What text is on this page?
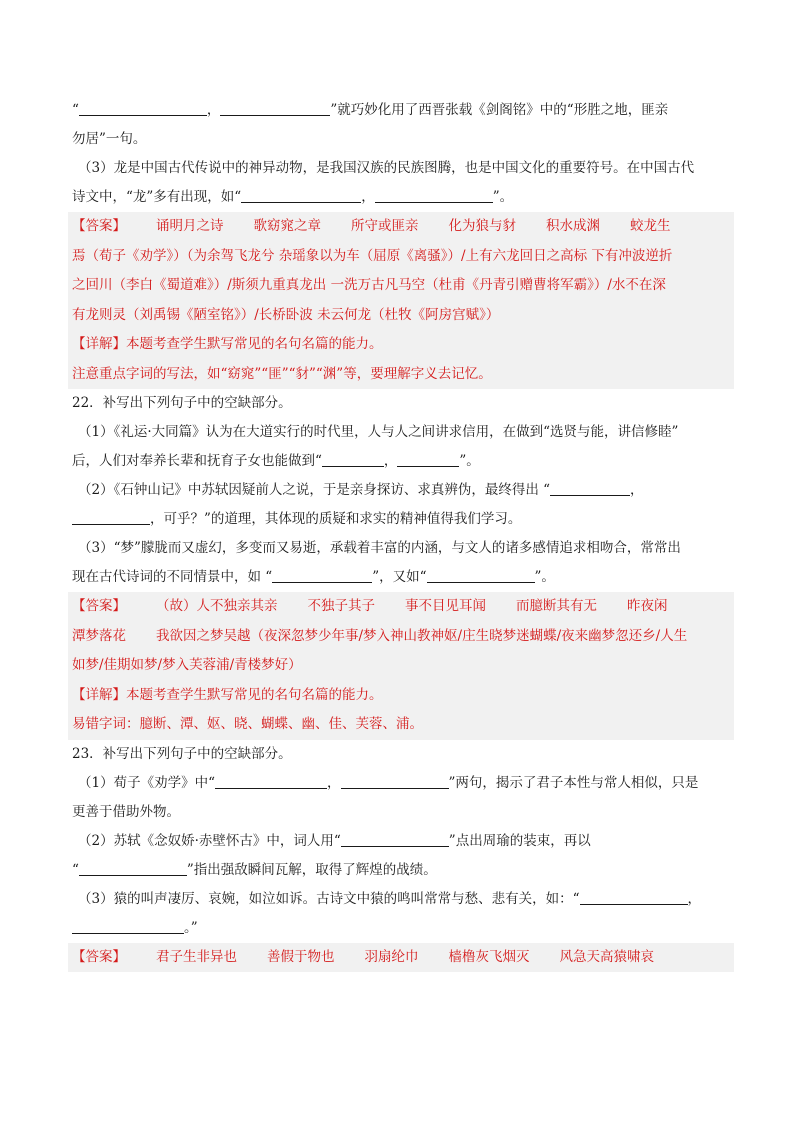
“	，	”就巧妙化用了西晋张载《剑阁铭》中的“形胜之地，匪亲

勿居”一句。

（3）龙是中国古代传说中的神异动物，是我国汉族的民族图腾，也是中国文化的重要符号。在中国古代

诗文中，“龙”多有出现，如“	，	”。

【答案】 诵明月之诗 歌窈窕之章 所守或匪亲 化为狼与豺 积水成渊 蛟龙生

焉（荀子《劝学》）（为余驾飞龙兮 杂瑶象以为车（屈原《离骚》）/上有六龙回日之高标 下有冲波逆折

之回川（李白《蜀道难》）/斯须九重真龙出 一洗万古凡马空（杜甫《丹青引赠曹将军霸》）/水不在深

有龙则灵（刘禹锡《陋室铭》）/长桥卧波 未云何龙（杜牧《阿房宫赋》）

【详解】本题考查学生默写常见的名句名篇的能力。

注意重点字词的写法，如“窈窕”“匪”“豺”“渊”等，要理解字义去记忆。

22．补写出下列句子中的空缺部分。

（1）《礼运·大同篇》认为在大道实行的时代里，人与人之间讲求信用，在做到“选贤与能，讲信修睦”

后，人们对奉养长辈和抚育子女也能做到“	，	”。

（2）《石钟山记》中苏轼因疑前人之说，于是亲身探访、求真辨伪，最终得出 “	，

，可乎？”的道理，其体现的质疑和求实的精神值得我们学习。

（3）“梦”朦胧而又虚幻，多变而又易逝，承载着丰富的内涵，与文人的诸多感情追求相吻合，常常出

现在古代诗词的不同情景中，如 “	”，又如“	”。

【答案】 （故）人不独亲其亲 不独子其子 事不目见耳闻 而臆断其有无 昨夜闲

潭梦落花 我欲因之梦吴越（夜深忽梦少年事/梦入神山教神妪/庄生晓梦迷蝴蝶/夜来幽梦忽还乡/人生

如梦/佳期如梦/梦入芙蓉浦/青楼梦好）

【详解】本题考查学生默写常见的名句名篇的能力。

易错字词：臆断、潭、妪、晓、蝴蝶、幽、佳、芙蓉、浦。

23．补写出下列句子中的空缺部分。

（1）荀子《劝学》中“	，	”两句，揭示了君子本性与常人相似，只是

更善于借助外物。

（2）苏轼《念奴娇·赤壁怀古》中，词人用“	”点出周瑜的装束，再以

“	”指出强敌瞬间瓦解，取得了辉煌的战绩。

（3）猿的叫声凄厉、哀婉，如泣如诉。古诗文中猿的鸣叫常常与愁、悲有关，如：“	，

。”

【答案】 君子生非异也 善假于物也 羽扇纶巾 樯橹灰飞烟灭 风急天高猿啸哀
